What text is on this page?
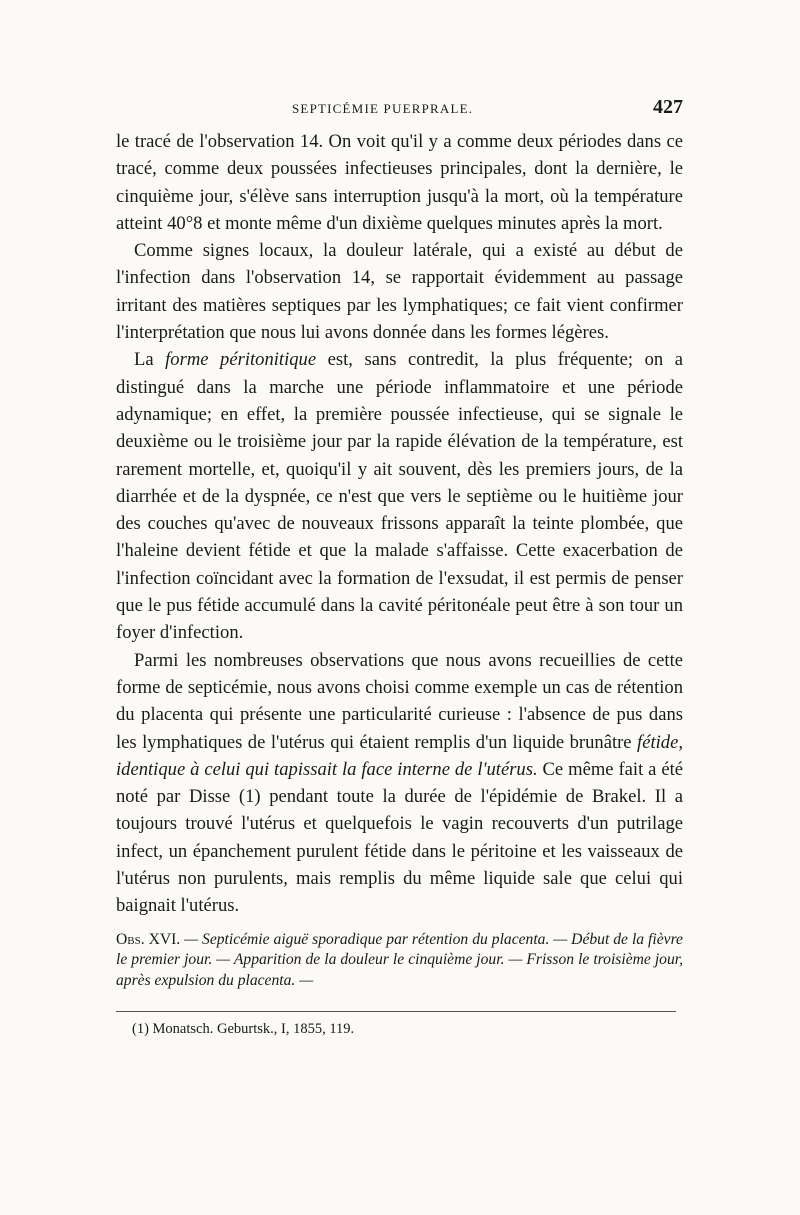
SEPTICÉMIE PUERPRALE.	427

le tracé de l'observation 14. On voit qu'il y a comme deux périodes dans ce tracé, comme deux poussées infectieuses principales, dont la dernière, le cinquième jour, s'élève sans interruption jusqu'à la mort, où la température atteint 40°8 et monte même d'un dixième quelques minutes après la mort.

Comme signes locaux, la douleur latérale, qui a existé au début de l'infection dans l'observation 14, se rapportait évidemment au passage irritant des matières septiques par les lymphatiques; ce fait vient confirmer l'interprétation que nous lui avons donnée dans les formes légères.

La forme péritonitique est, sans contredit, la plus fréquente; on a distingué dans la marche une période inflammatoire et une période adynamique; en effet, la première poussée infectieuse, qui se signale le deuxième ou le troisième jour par la rapide élévation de la température, est rarement mortelle, et, quoiqu'il y ait souvent, dès les premiers jours, de la diarrhée et de la dyspnée, ce n'est que vers le septième ou le huitième jour des couches qu'avec de nouveaux frissons apparaît la teinte plombée, que l'haleine devient fétide et que la malade s'affaisse. Cette exacerbation de l'infection coïncidant avec la formation de l'exsudat, il est permis de penser que le pus fétide accumulé dans la cavité péritonéale peut être à son tour un foyer d'infection.

Parmi les nombreuses observations que nous avons recueillies de cette forme de septicémie, nous avons choisi comme exemple un cas de rétention du placenta qui présente une particularité curieuse : l'absence de pus dans les lymphatiques de l'utérus qui étaient remplis d'un liquide brunâtre fétide, identique à celui qui tapissait la face interne de l'utérus. Ce même fait a été noté par Disse (1) pendant toute la durée de l'épidémie de Brakel. Il a toujours trouvé l'utérus et quelquefois le vagin recouverts d'un putrilage infect, un épanchement purulent fétide dans le péritoine et les vaisseaux de l'utérus non purulents, mais remplis du même liquide sale que celui qui baignait l'utérus.

Obs. XVI. — Septicémie aiguë sporadique par rétention du placenta. — Début de la fièvre le premier jour. — Apparition de la douleur le cinquième jour. — Frisson le troisième jour, après expulsion du placenta. —
(1) Monatsch. Geburtsk., I, 1855, 119.
